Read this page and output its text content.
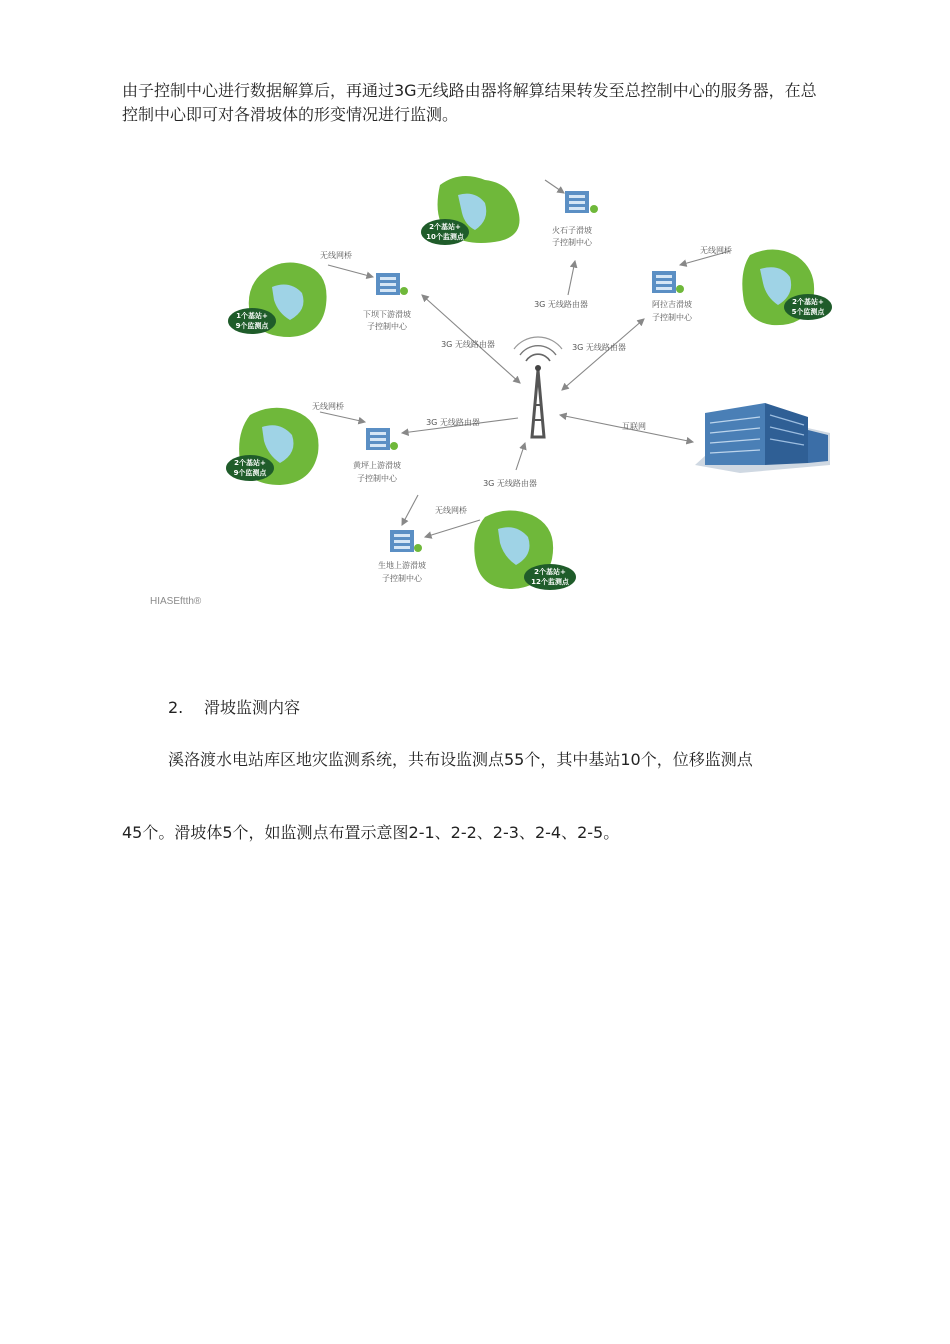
由子控制中心进行数据解算后，再通过3G无线路由器将解算结果转发至总控制中心的服务器，在总控制中心即可对各滑坡体的形变情况进行监测。

2个基站+
10个监测点
1个基站+
9个监测点
2个基站+
5个监测点
2个基站+
9个监测点
2个基站+
12个监测点
火石子滑坡
子控制中心
下坝下游滑坡
子控制中心
阿拉吉滑坡
子控制中心
黄坪上游滑坡
子控制中心
生地上游滑坡
子控制中心
无线网桥
无线网桥
无线网桥
无线网桥
3G 无线路由器
3G 无线路由器	3G 无线路由器
3G 无线路由器
3G 无线路由器
互联网
HIASEftth®
2. 滑坡监测内容

溪洛渡水电站库区地灾监测系统，共布设监测点55个，其中基站10个，位移监测点

45个。滑坡体5个，如监测点布置示意图2-1、2-2、2-3、2-4、2-5。
